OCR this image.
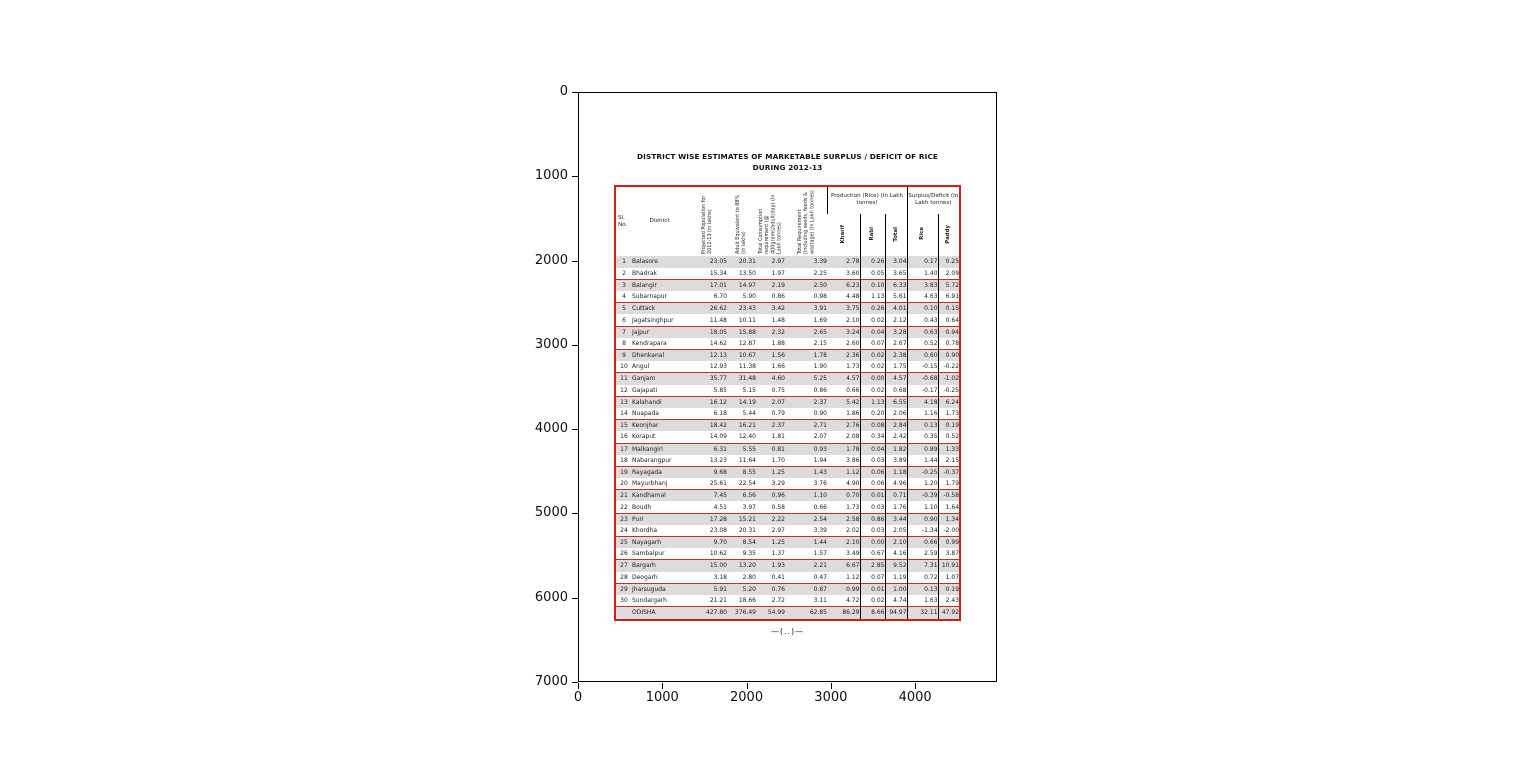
DISTRICT WISE ESTIMATES OF MARKETABLE SURPLUS / DEFICIT OF RICE
DURING 2012-13
Sl. No.	District	Projected Population for 2012-13 (in lakhs)	Adult Equivalent to 88% (in lakhs)	Total Consumption requirement (@ 400grams/adult/day) (In Lakh tonnes)	Total Requirement (including seeds, feeds & wastage) (In Lakh tonnes)	Production (Rice) (In Lakh tonnes)			Surplus/Deficit (In Lakh tonnes)	

						Kharif	Rabi	Total	Rice	Paddy

1	Balasore	23.05	20.31	2.97	3.39	2.78	0.26	3.04	0.17	0.25
2	Bhadrak	15.34	13.50	1.97	2.25	3.60	0.05	3.65	1.40	2.09
3	Balangir	17.01	14.97	2.19	2.50	6.23	0.10	6.33	3.83	5.72
4	Subarnapur	6.70	5.90	0.86	0.98	4.48	1.13	5.61	4.63	6.91
5	Cuttack	26.62	23.43	3.42	3.91	3.75	0.26	4.01	0.10	0.15
6	Jagatsinghpur	11.48	10.11	1.48	1.69	2.10	0.02	2.12	0.43	0.64
7	Jajpur	18.05	15.88	2.32	2.65	3.24	0.04	3.28	0.63	0.94
8	Kendrapara	14.62	12.87	1.88	2.15	2.60	0.07	2.67	0.52	0.78
9	Dhenkanal	12.13	10.67	1.56	1.78	2.36	0.02	2.38	0.60	0.90
10	Angul	12.93	11.38	1.66	1.90	1.73	0.02	1.75	-0.15	-0.22
11	Ganjam	35.77	31.48	4.60	5.25	4.57	0.00	4.57	-0.68	-1.02
12	Gajapati	5.85	5.15	0.75	0.86	0.66	0.02	0.68	-0.17	-0.25
13	Kalahandi	16.12	14.19	2.07	2.37	5.42	1.13	6.55	4.18	6.24
14	Nuapada	6.18	5.44	0.79	0.90	1.86	0.20	2.06	1.16	1.73
15	Keonjhar	18.42	16.21	2.37	2.71	2.76	0.08	2.84	0.13	0.19
16	Koraput	14.09	12.40	1.81	2.07	2.08	0.34	2.42	0.35	0.52
17	Malkangiri	6.31	5.55	0.81	0.93	1.78	0.04	1.82	0.89	1.33
18	Nabarangpur	13.23	11.64	1.70	1.94	3.86	0.03	3.89	1.44	2.15
19	Rayagada	9.68	8.55	1.25	1.43	1.12	0.06	1.18	-0.25	-0.37
20	Mayurbhanj	25.61	22.54	3.29	3.76	4.90	0.06	4.96	1.20	1.79
21	Kandhamal	7.45	6.56	0.96	1.10	0.70	0.01	0.71	-0.39	-0.58
22	Boudh	4.51	3.97	0.58	0.66	1.73	0.03	1.76	1.10	1.64
23	Puri	17.28	15.21	2.22	2.54	2.58	0.86	3.44	0.90	1.34
24	Khordha	23.08	20.31	2.97	3.39	2.02	0.03	2.05	-1.34	-2.00
25	Nayagarh	9.70	8.54	1.25	1.44	2.10	0.00	2.10	0.66	0.99
26	Sambalpur	10.62	9.35	1.37	1.57	3.49	0.67	4.16	2.59	3.87
27	Bargarh	15.00	13.20	1.93	2.21	6.67	2.85	9.52	7.31	10.91
28	Deogarh	3.18	2.80	0.41	0.47	1.12	0.07	1.19	0.72	1.07
29	Jharsuguda	5.91	5.20	0.76	0.87	0.99	0.01	1.00	0.13	0.19
30	Sundargarh	21.21	18.66	2.72	3.11	4.72	0.02	4.74	1.63	2.43
	ODISHA	427.80	376.49	54.99	62.85	86.29	8.66	94.97	32.11	47.92
—(..)—
0
1000
2000
3000
4000
5000
6000
7000
0	1000	2000	3000	4000
